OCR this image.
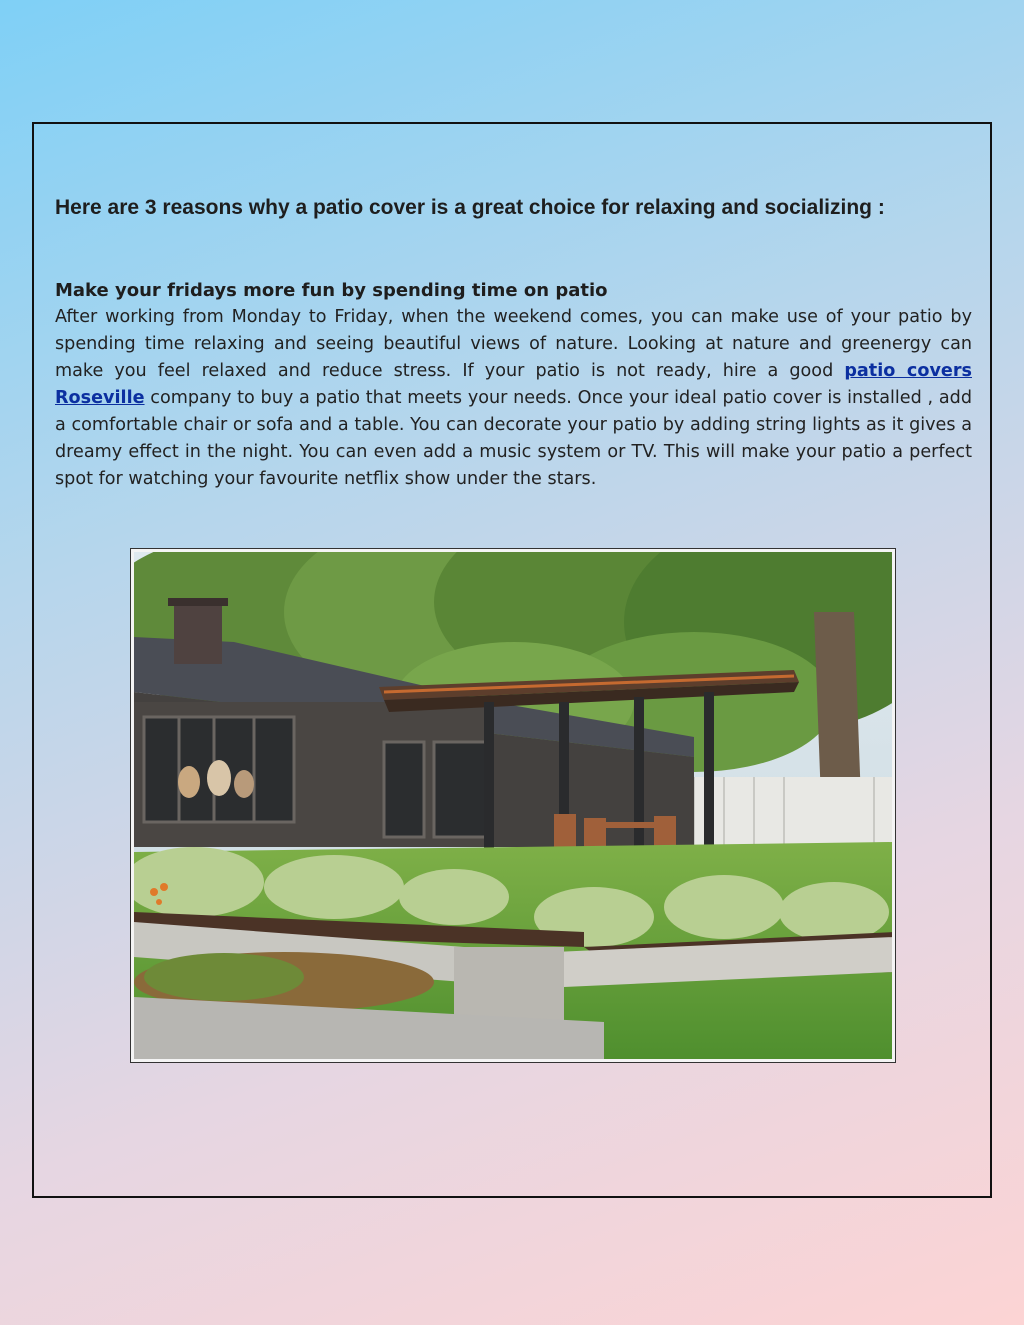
Here are 3 reasons why a patio cover is a great choice for relaxing and socializing :
Make your fridays more fun by spending time on patio

After working from Monday to Friday, when the weekend comes, you can make use of your patio by spending time relaxing and seeing beautiful views of nature. Looking at nature and greenergy can make you feel relaxed and reduce stress. If your patio is not ready, hire a good patio covers Roseville company to buy a patio that meets your needs. Once your ideal patio cover is installed , add a comfortable chair or sofa and a table. You can decorate your patio by adding string lights as it gives a dreamy effect in the night. You can even add a music system or TV. This will make your patio a perfect spot for watching your favourite netflix show under the stars.
